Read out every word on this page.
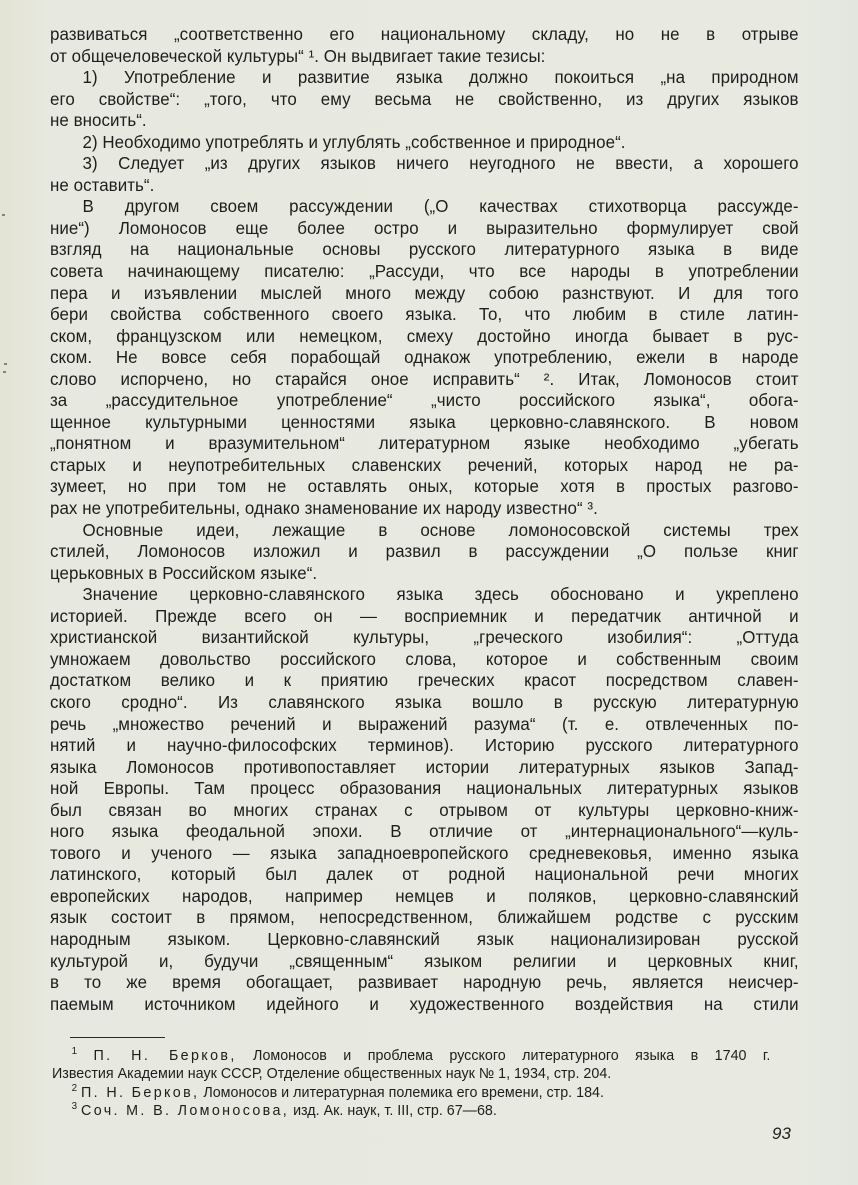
развиваться „соответственно его национальному складу, но не в отрыве
от общечеловеческой культуры“ ¹. Он выдвигает такие тезисы:
1) Употребление и развитие языка должно покоиться „на природном
его свойстве“: „того, что ему весьма не свойственно, из других языков
не вносить“.
2) Необходимо употреблять и углублять „собственное и природное“.
3) Следует „из других языков ничего неугодного не ввести, а хорошего
не оставить“.
В другом своем рассуждении („О качествах стихотворца рассужде-
ние“) Ломоносов еще более остро и выразительно формулирует свой
взгляд на национальные основы русского литературного языка в виде
совета начинающему писателю: „Рассуди, что все народы в употреблении
пера и изъявлении мыслей много между собою разнствуют. И для того
бери свойства собственного своего языка. То, что любим в стиле латин-
ском, французском или немецком, смеху достойно иногда бывает в рус-
ском. Не вовсе себя порабощай однакож употреблению, ежели в народе
слово испорчено, но старайся оное исправить“ ². Итак, Ломоносов стоит
за „рассудительное употребление“ „чисто российского языка“, обога-
щенное культурными ценностями языка церковно-славянского. В новом
„понятном и вразумительном“ литературном языке необходимо „убегать
старых и неупотребительных славенских речений, которых народ не ра-
зумеет, но при том не оставлять оных, которые хотя в простых разгово-
рах не употребительны, однако знаменование их народу известно“ ³.
Основные идеи, лежащие в основе ломоносовской системы трех
стилей, Ломоносов изложил и развил в рассуждении „О пользе книг
церьковных в Российском языке“.
Значение церковно-славянского языка здесь обосновано и укреплено
историей. Прежде всего он — восприемник и передатчик античной и
христианской византийской культуры, „греческого изобилия“: „Оттуда
умножаем довольство российского слова, которое и собственным своим
достатком велико и к приятию греческих красот посредством славен-
ского сродно“. Из славянского языка вошло в русскую литературную
речь „множество речений и выражений разума“ (т. е. отвлеченных по-
нятий и научно-философских терминов). Историю русского литературного
языка Ломоносов противопоставляет истории литературных языков Запад-
ной Европы. Там процесс образования национальных литературных языков
был связан во многих странах с отрывом от культуры церковно-книж-
ного языка феодальной эпохи. В отличие от „интернационального“—куль-
тового и ученого — языка западноевропейского средневековья, именно языка
латинского, который был далек от родной национальной речи многих
европейских народов, например немцев и поляков, церковно-славянский
язык состоит в прямом, непосредственном, ближайшем родстве с русским
народным языком. Церковно-славянский язык национализирован русской
культурой и, будучи „священным“ языком религии и церковных книг,
в то же время обогащает, развивает народную речь, является неисчер-
паемым источником идейного и художественного воздействия на стили
$^1$ П. Н. Берков, Ломоносов и проблема русского литературного языка в 1740 г.
Известия Академии наук СССР, Отделение общественных наук № 1, 1934, стр. 204.
$^2$ П. Н. Берков, Ломоносов и литературная полемика его времени, стр. 184.
$^3$ Соч. М. В. Ломоносова, изд. Ак. наук, т. III, стр. 67—68.
93
